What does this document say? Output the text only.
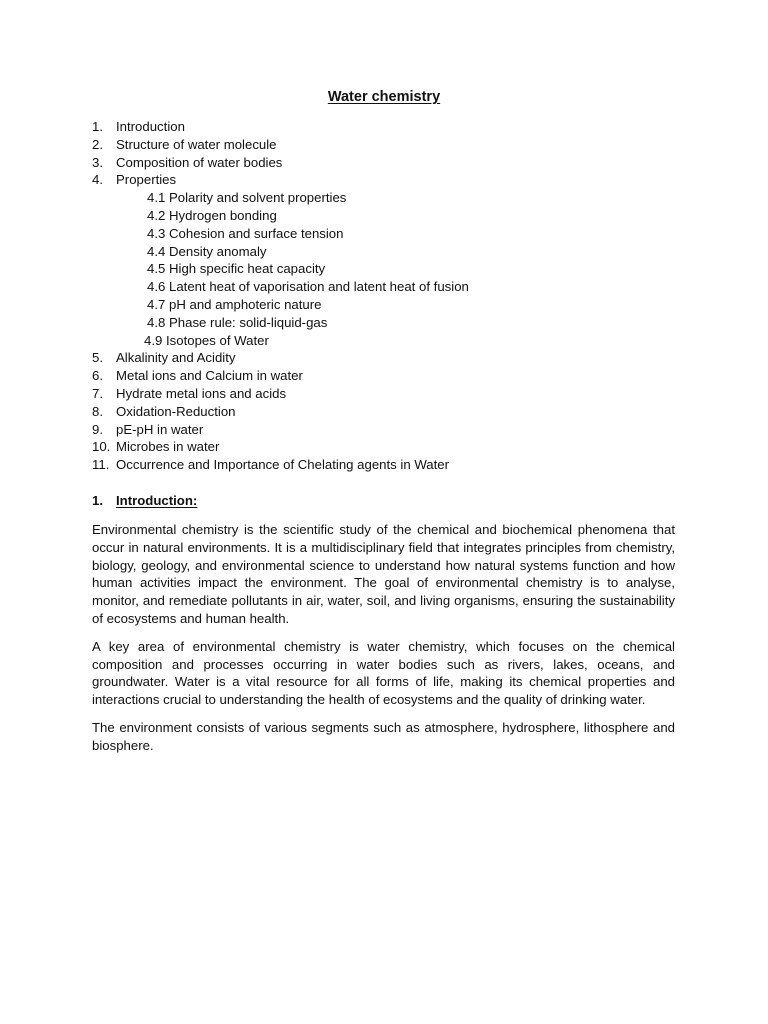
Water chemistry
1. Introduction
2. Structure of water molecule
3. Composition of water bodies
4. Properties
4.1 Polarity and solvent properties
4.2 Hydrogen bonding
4.3 Cohesion and surface tension
4.4 Density anomaly
4.5 High specific heat capacity
4.6 Latent heat of vaporisation and latent heat of fusion
4.7 pH and amphoteric nature
4.8 Phase rule: solid-liquid-gas
4.9 Isotopes of Water
5. Alkalinity and Acidity
6. Metal ions and Calcium in water
7. Hydrate metal ions and acids
8. Oxidation-Reduction
9. pE-pH in water
10. Microbes in water
11. Occurrence and Importance of Chelating agents in Water
1. Introduction:

Environmental chemistry is the scientific study of the chemical and biochemical phenomena that occur in natural environments. It is a multidisciplinary field that integrates principles from chemistry, biology, geology, and environmental science to understand how natural systems function and how human activities impact the environment. The goal of environmental chemistry is to analyse, monitor, and remediate pollutants in air, water, soil, and living organisms, ensuring the sustainability of ecosystems and human health.

A key area of environmental chemistry is water chemistry, which focuses on the chemical composition and processes occurring in water bodies such as rivers, lakes, oceans, and groundwater. Water is a vital resource for all forms of life, making its chemical properties and interactions crucial to understanding the health of ecosystems and the quality of drinking water.

The environment consists of various segments such as atmosphere, hydrosphere, lithosphere and biosphere.
